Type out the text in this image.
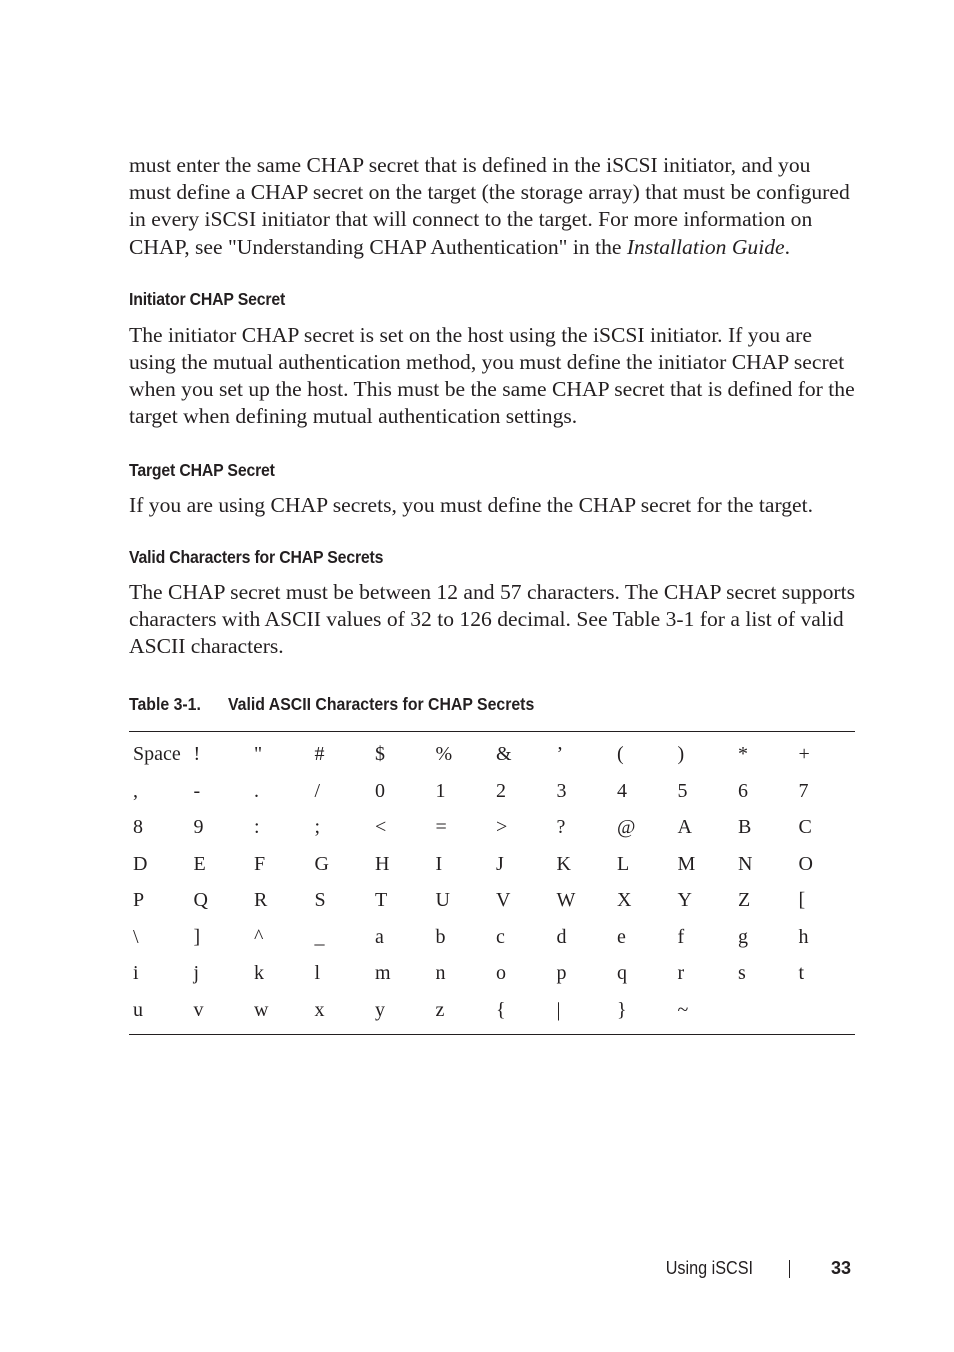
must enter the same CHAP secret that is defined in the iSCSI initiator, and you must define a CHAP secret on the target (the storage array) that must be configured in every iSCSI initiator that will connect to the target. For more information on CHAP, see "Understanding CHAP Authentication" in the Installation Guide.

Initiator CHAP Secret

The initiator CHAP secret is set on the host using the iSCSI initiator. If you are using the mutual authentication method, you must define the initiator CHAP secret when you set up the host. This must be the same CHAP secret that is defined for the target when defining mutual authentication settings.

Target CHAP Secret

If you are using CHAP secrets, you must define the CHAP secret for the target.

Valid Characters for CHAP Secrets

The CHAP secret must be between 12 and 57 characters. The CHAP secret supports characters with ASCII values of 32 to 126 decimal. See Table 3-1 for a list of valid ASCII characters.

Table 3-1. Valid ASCII Characters for CHAP Secrets
Space !	"	#	$	%	&	’	(	)	*	+
,	-	.	/	0	1	2	3	4	5	6	7
8	9	:	;	<	=	>	?	@	A	B	C
D	E	F	G	H	I	J	K	L	M	N	O
P	Q	R	S	T	U	V	W	X	Y	Z	[
\	]	^	_	a	b	c	d	e	f	g	h
i	j	k	l	m	n	o	p	q	r	s	t
u	v	w	x	y	z	{	|	}	~
Using iSCSI	33
